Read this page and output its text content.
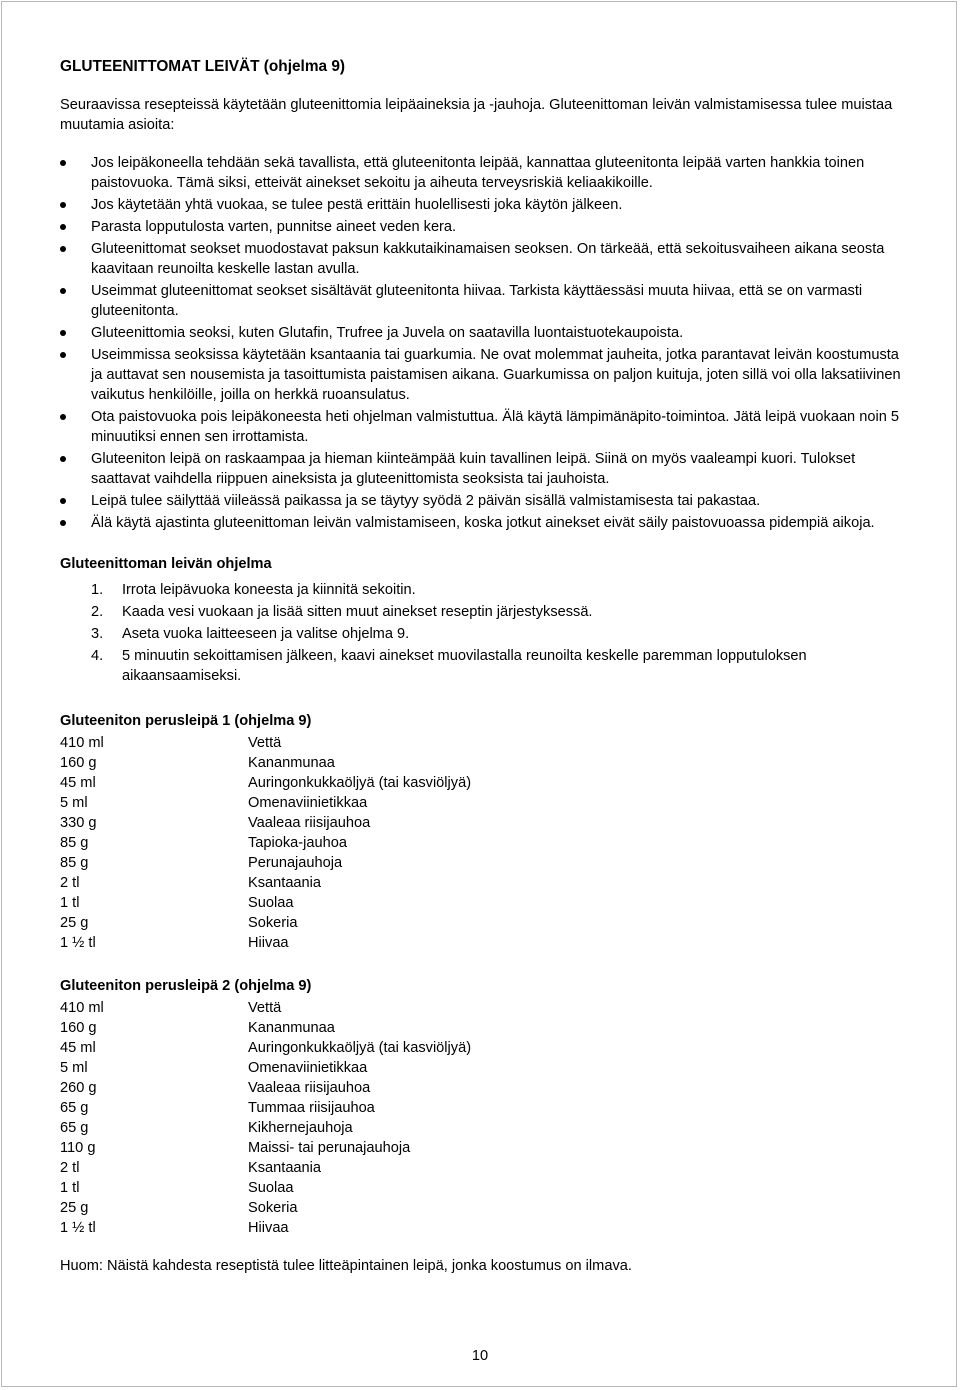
GLUTEENITTOMAT LEIVÄT (ohjelma 9)

Seuraavissa resepteissä käytetään gluteenittomia leipäaineksia ja -jauhoja. Gluteenittoman leivän valmistamisessa tulee muistaa muutamia asioita:

Jos leipäkoneella tehdään sekä tavallista, että gluteenitonta leipää, kannattaa gluteenitonta leipää varten hankkia toinen paistovuoka. Tämä siksi, etteivät ainekset sekoitu ja aiheuta terveysriskiä keliaakikoille.
Jos käytetään yhtä vuokaa, se tulee pestä erittäin huolellisesti joka käytön jälkeen.
Parasta lopputulosta varten, punnitse aineet veden kera.
Gluteenittomat seokset muodostavat paksun kakkutaikinamaisen seoksen. On tärkeää, että sekoitusvaiheen aikana seosta kaavitaan reunoilta keskelle lastan avulla.
Useimmat gluteenittomat seokset sisältävät gluteenitonta hiivaa. Tarkista käyttäessäsi muuta hiivaa, että se on varmasti gluteenitonta.
Gluteenittomia seoksi, kuten Glutafin, Trufree ja Juvela on saatavilla luontaistuotekaupoista.
Useimmissa seoksissa käytetään ksantaania tai guarkumia. Ne ovat molemmat jauheita, jotka parantavat leivän koostumusta ja auttavat sen nousemista ja tasoittumista paistamisen aikana. Guarkumissa on paljon kuituja, joten sillä voi olla laksatiivinen vaikutus henkilöille, joilla on herkkä ruoansulatus.
Ota paistovuoka pois leipäkoneesta heti ohjelman valmistuttua. Älä käytä lämpimänäpito-toimintoa. Jätä leipä vuokaan noin 5 minuutiksi ennen sen irrottamista.
Gluteeniton leipä on raskaampaa ja hieman kiinteämpää kuin tavallinen leipä. Siinä on myös vaaleampi kuori. Tulokset saattavat vaihdella riippuen aineksista ja gluteenittomista seoksista tai jauhoista.
Leipä tulee säilyttää viileässä paikassa ja se täytyy syödä 2 päivän sisällä valmistamisesta tai pakastaa.
Älä käytä ajastinta gluteenittoman leivän valmistamiseen, koska jotkut ainekset eivät säily paistovuoassa pidempiä aikoja.
Gluteenittoman leivän ohjelma
1. Irrota leipävuoka koneesta ja kiinnitä sekoitin.
2. Kaada vesi vuokaan ja lisää sitten muut ainekset reseptin järjestyksessä.
3. Aseta vuoka laitteeseen ja valitse ohjelma 9.
4. 5 minuutin sekoittamisen jälkeen, kaavi ainekset muovilastalla reunoilta keskelle paremman lopputuloksen aikaansaamiseksi.
Gluteeniton perusleipä 1 (ohjelma 9)
410 ml	Vettä
160 g	Kananmunaa
45 ml	Auringonkukkaöljyä (tai kasviöljyä)
5 ml	Omenaviinietikkaa
330 g	Vaaleaa riisijauhoa
85 g	Tapioka-jauhoa
85 g	Perunajauhoja
2 tl	Ksantaania
1 tl	Suolaa
25 g	Sokeria
1 ½ tl	Hiivaa
Gluteeniton perusleipä 2 (ohjelma 9)
410 ml	Vettä
160 g	Kananmunaa
45 ml	Auringonkukkaöljyä (tai kasviöljyä)
5 ml	Omenaviinietikkaa
260 g	Vaaleaa riisijauhoa
65 g	Tummaa riisijauhoa
65 g	Kikhernejauhoja
110 g	Maissi- tai perunajauhoja
2 tl	Ksantaania
1 tl	Suolaa
25 g	Sokeria
1 ½ tl	Hiivaa

Huom: Näistä kahdesta reseptistä tulee litteäpintainen leipä, jonka koostumus on ilmava.

10
